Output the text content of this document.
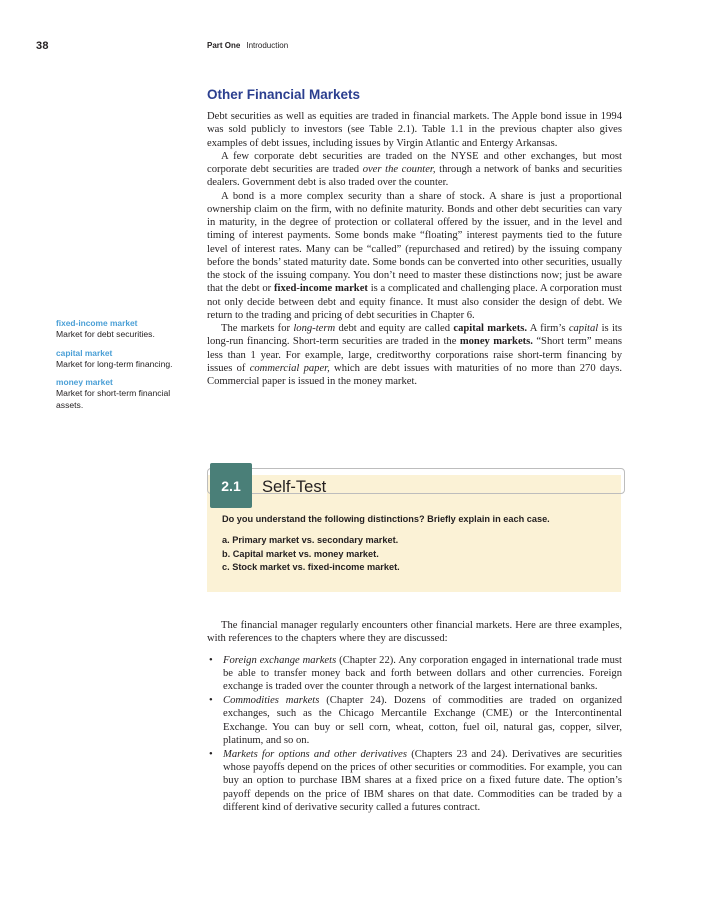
38	Part One Introduction
Other Financial Markets

Debt securities as well as equities are traded in financial markets. The Apple bond issue in 1994 was sold publicly to investors (see Table 2.1). Table 1.1 in the previous chapter also gives examples of debt issues, including issues by Virgin Atlantic and Entergy Arkansas.

A few corporate debt securities are traded on the NYSE and other exchanges, but most corporate debt securities are traded over the counter, through a network of banks and securities dealers. Government debt is also traded over the counter.

A bond is a more complex security than a share of stock. A share is just a proportional ownership claim on the firm, with no definite maturity. Bonds and other debt securities can vary in maturity, in the degree of protection or collateral offered by the issuer, and in the level and timing of interest payments. Some bonds make “floating” interest payments tied to the future level of interest rates. Many can be “called” (repurchased and retired) by the issuing company before the bonds’ stated maturity date. Some bonds can be converted into other securities, usually the stock of the issuing company. You don’t need to master these distinctions now; just be aware that the debt or fixed-income market is a complicated and challenging place. A corporation must not only decide between debt and equity finance. It must also consider the design of debt. We return to the trading and pricing of debt securities in Chapter 6.

The markets for long-term debt and equity are called capital markets. A firm’s capital is its long-run financing. Short-term securities are traded in the money markets. “Short term” means less than 1 year. For example, large, creditworthy corporations raise short-term financing by issues of commercial paper, which are debt issues with maturities of no more than 270 days. Commercial paper is issued in the money market.

fixed-income market
Market for debt securities.
capital market
Market for long-term financing.
money market
Market for short-term financial assets.
2.1	Self-Test
Do you understand the following distinctions? Briefly explain in each case.
a. Primary market vs. secondary market.
b. Capital market vs. money market.
c. Stock market vs. fixed-income market.

The financial manager regularly encounters other financial markets. Here are three examples, with references to the chapters where they are discussed:

• Foreign exchange markets (Chapter 22). Any corporation engaged in international trade must be able to transfer money back and forth between dollars and other currencies. Foreign exchange is traded over the counter through a network of the largest international banks.
• Commodities markets (Chapter 24). Dozens of commodities are traded on organized exchanges, such as the Chicago Mercantile Exchange (CME) or the Intercontinental Exchange. You can buy or sell corn, wheat, cotton, fuel oil, natural gas, copper, silver, platinum, and so on.
• Markets for options and other derivatives (Chapters 23 and 24). Derivatives are securities whose payoffs depend on the prices of other securities or commodities. For example, you can buy an option to purchase IBM shares at a fixed price on a fixed future date. The option’s payoff depends on the price of IBM shares on that date. Commodities can be traded by a different kind of derivative security called a futures contract.
